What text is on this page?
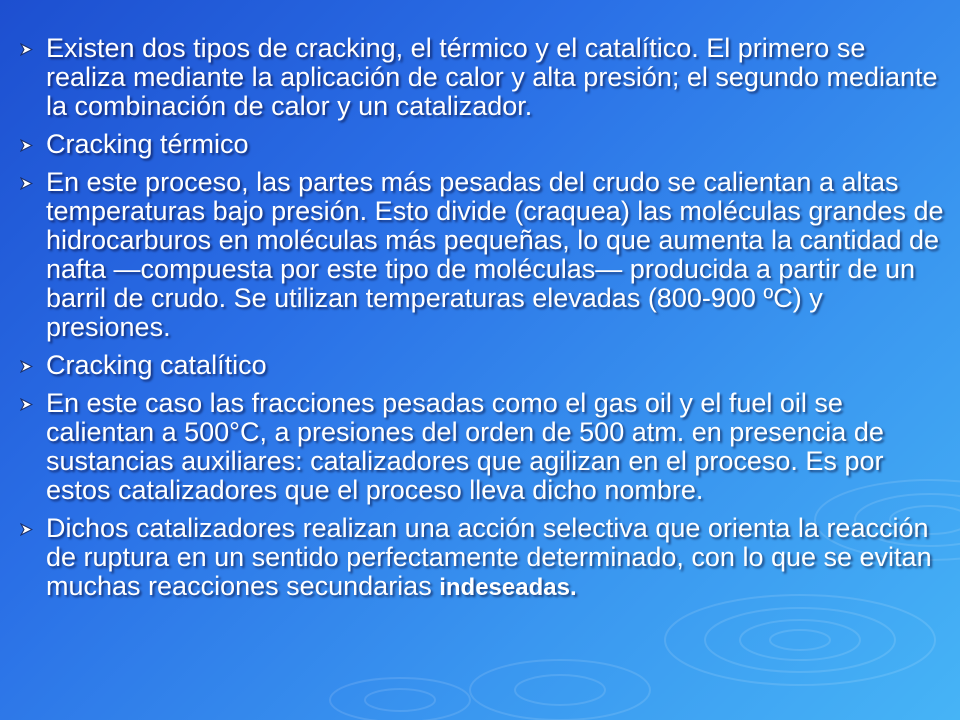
Existen dos tipos de cracking, el térmico y el catalítico. El primero se realiza mediante la aplicación de calor y alta presión; el segundo mediante la combinación de calor y un catalizador.
Cracking térmico
En este proceso, las partes más pesadas del crudo se calientan a altas temperaturas bajo presión. Esto divide (craquea) las moléculas grandes de hidrocarburos en moléculas más pequeñas, lo que aumenta la cantidad de nafta —compuesta por este tipo de moléculas— producida a partir de un barril de crudo. Se utilizan temperaturas elevadas (800-900 ºC) y presiones.
Cracking catalítico
En este caso las fracciones pesadas como el gas oil y el fuel oil se calientan a 500°C, a presiones del orden de 500 atm. en presencia de sustancias auxiliares: catalizadores que agilizan en el proceso. Es por estos catalizadores que el proceso lleva dicho nombre.
Dichos catalizadores realizan una acción selectiva que orienta la reacción de ruptura en un sentido perfectamente determinado, con lo que se evitan muchas reacciones secundarias indeseadas.
